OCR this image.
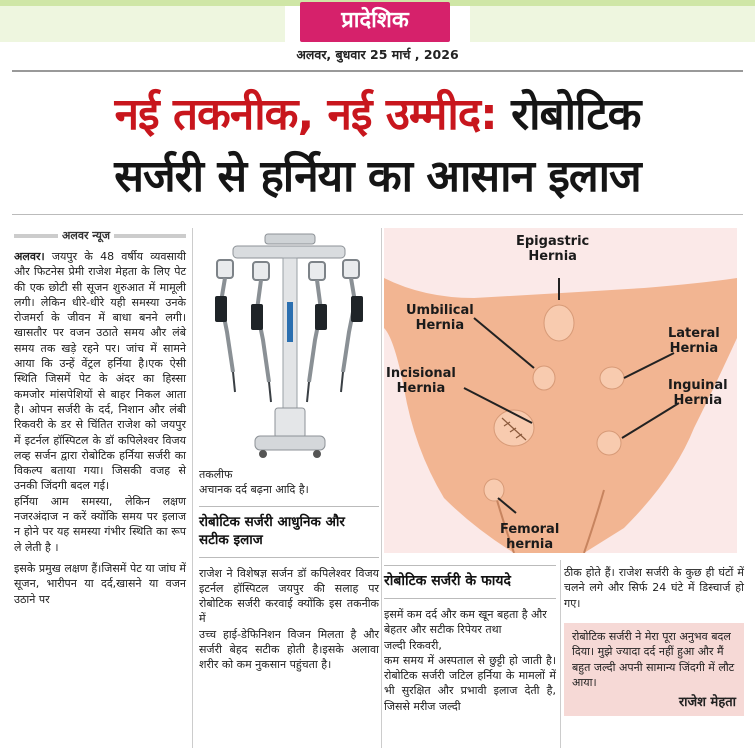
प्रादेशिक
अलवर, बुधवार 25 मार्च , 2026
नई तकनीक, नई उम्मीद: रोबोटिक
सर्जरी से हर्निया का आसान इलाज
अलवर न्यूज

अलवर। जयपुर के 48 वर्षीय व्यवसायी और फिटनेस प्रेमी राजेश मेहता के लिए पेट की एक छोटी सी सूजन शुरुआत में मामूली लगी। लेकिन धीरे-धीरे यही समस्या उनके रोजमर्रा के जीवन में बाधा बनने लगी।खासतौर पर वजन उठाते समय और लंबे समय तक खड़े रहने पर। जांच में सामने आया कि उन्हें वेंट्रल हर्निया है।एक ऐसी स्थिति जिसमें पेट के अंदर का हिस्सा कमजोर मांसपेशियों से बाहर निकल आता है। ओपन सर्जरी के दर्द, निशान और लंबी रिकवरी के डर से चिंतित राजेश को जयपुर में इटर्नल हॉस्पिटल के डॉ कपिलेश्वर विजय लव्ह सर्जन द्वारा रोबोटिक हर्निया सर्जरी का विकल्प बताया गया। जिसकी वजह से उनकी जिंदगी बदल गई।

हर्निया आम समस्या, लेकिन लक्षण नजरअंदाज न करें क्योंकि समय पर इलाज न होने पर यह समस्या गंभीर स्थिति का रूप ले लेती है ।

इसके प्रमुख लक्षण हैं।जिसमें पेट या जांघ में सूजन, भारीपन या दर्द,खासने या वजन उठाने पर

तकलीफ
अचानक दर्द बढ़ना आदि है।

रोबोटिक सर्जरी आधुनिक और सटीक इलाज

राजेश ने विशेषज्ञ सर्जन डॉ कपिलेश्वर विजय इटर्नल हॉस्पिटल जयपुर की सलाह पर रोबोटिक सर्जरी करवाई क्योंकि इस तकनीक में
उच्च हाई-डेफिनिशन विजन मिलता है और सर्जरी बेहद सटीक होती है।इसके अलावा शरीर को कम नुकसान पहुंचता है।

Epigastric
Hernia
Umbilical
Hernia
Lateral
Hernia
Incisional
Hernia	Inguinal
Hernia
Femoral
hernia
रोबोटिक सर्जरी के फायदे

इसमें कम दर्द और कम खून बहता है और
बेहतर और सटीक रिपेयर तथा
जल्दी रिकवरी,
कम समय में अस्पताल से छुट्टी हो जाती है।रोबोटिक सर्जरी जटिल हर्निया के मामलों में भी सुरक्षित और प्रभावी इलाज देती है, जिससे मरीज जल्दी

ठीक होते हैं। राजेश सर्जरी के कुछ ही घंटों में चलने लगे और सिर्फ 24 घंटे में डिस्चार्ज हो गए।

रोबोटिक सर्जरी ने मेरा पूरा अनुभव बदल दिया। मुझे ज्यादा दर्द नहीं हुआ और मैं बहुत जल्दी अपनी सामान्य जिंदगी में लौट आया।

राजेश मेहता
